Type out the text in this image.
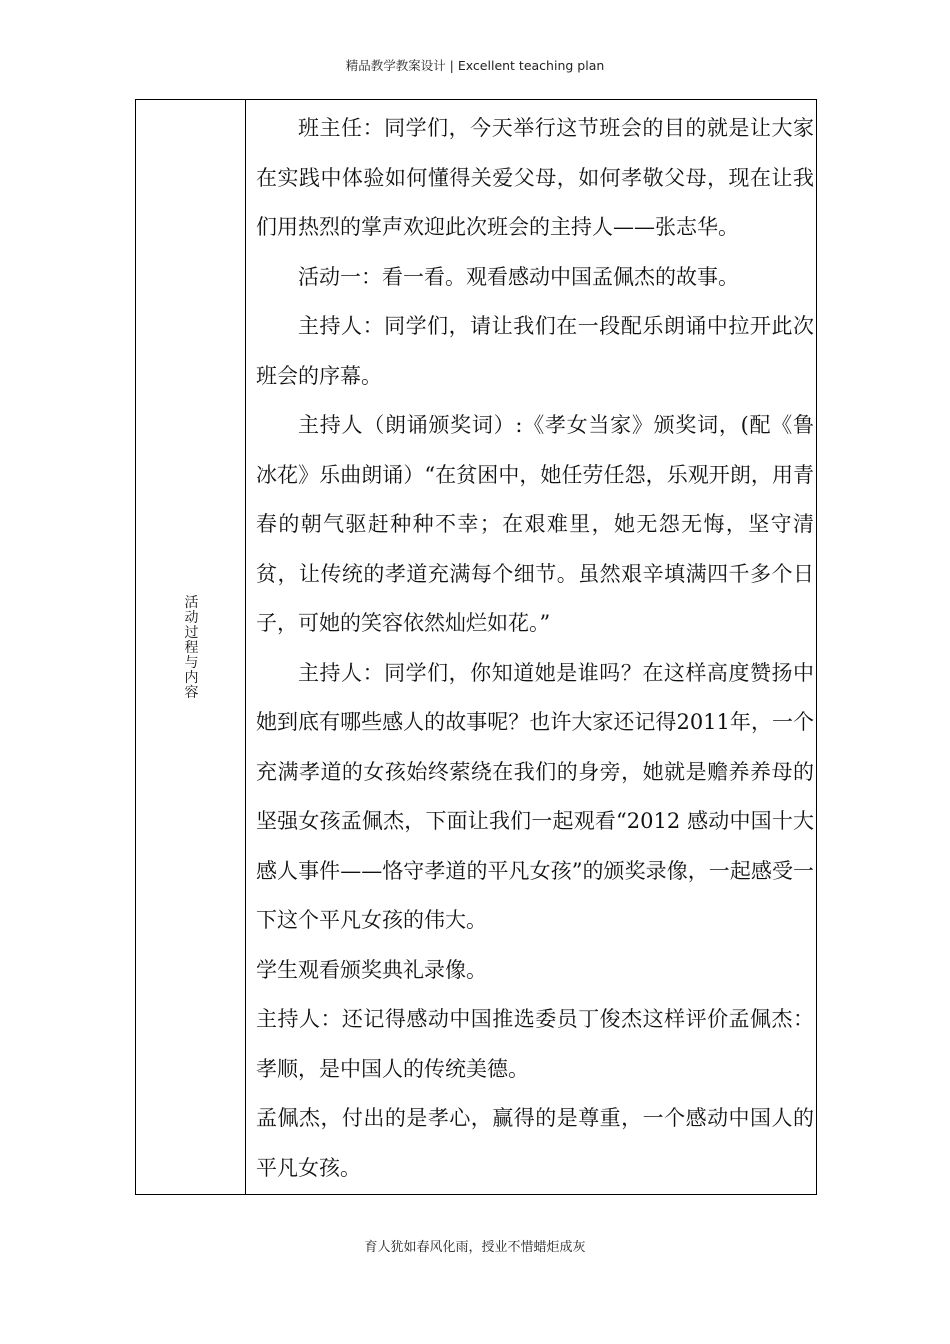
精品教学教案设计 | Excellent teaching plan
活动过程与内容

班主任：同学们，今天举行这节班会的目的就是让大家在实践中体验如何懂得关爱父母，如何孝敬父母，现在让我们用热烈的掌声欢迎此次班会的主持人——张志华。

活动一：看一看。观看感动中国孟佩杰的故事。

主持人：同学们，请让我们在一段配乐朗诵中拉开此次班会的序幕。

主持人（朗诵颁奖词）:《孝女当家》颁奖词，(配《鲁冰花》乐曲朗诵）“在贫困中，她任劳任怨，乐观开朗，用青春的朝气驱赶种种不幸；在艰难里，她无怨无悔，坚守清贫，让传统的孝道充满每个细节。虽然艰辛填满四千多个日子，可她的笑容依然灿烂如花。”

主持人：同学们，你知道她是谁吗？在这样高度赞扬中她到底有哪些感人的故事呢？也许大家还记得2011年，一个充满孝道的女孩始终萦绕在我们的身旁，她就是赡养养母的坚强女孩孟佩杰，下面让我们一起观看“2012 感动中国十大感人事件——恪守孝道的平凡女孩”的颁奖录像，一起感受一下这个平凡女孩的伟大。

学生观看颁奖典礼录像。

主持人：还记得感动中国推选委员丁俊杰这样评价孟佩杰：孝顺，是中国人的传统美德。

孟佩杰，付出的是孝心，赢得的是尊重，一个感动中国人的平凡女孩。

育人犹如春风化雨，授业不惜蜡炬成灰
